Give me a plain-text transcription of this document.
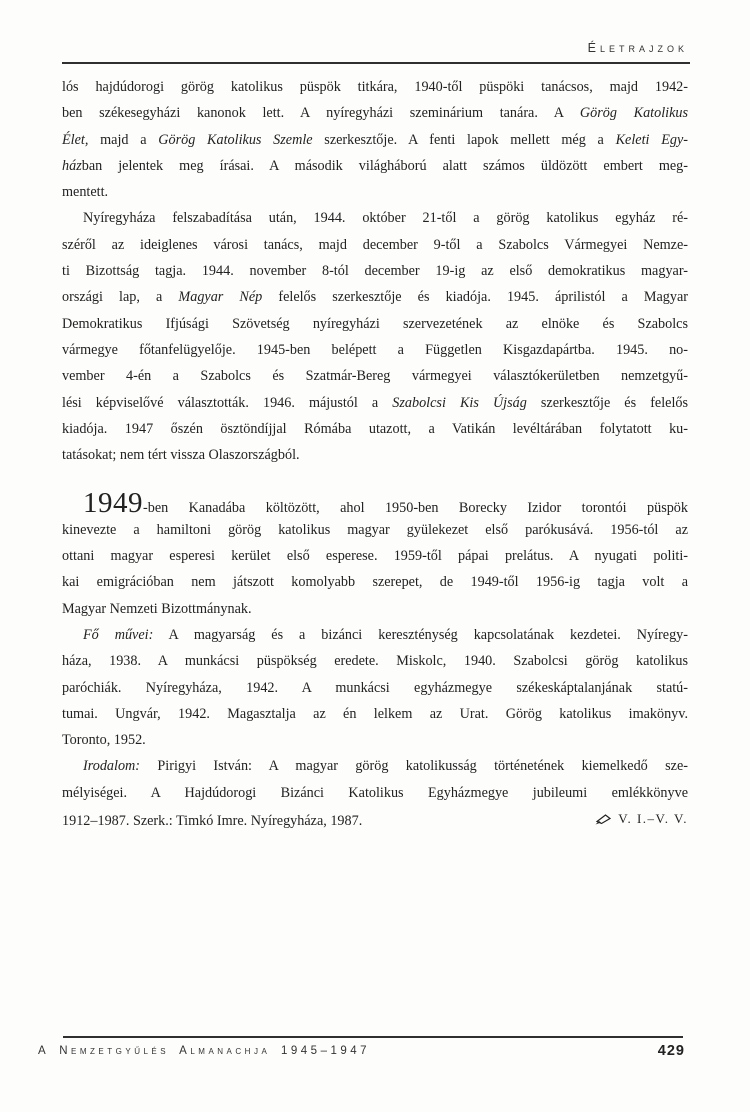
Életrajzok
lós hajdúdorogi görög katolikus püspök titkára, 1940-től püspöki tanácsos, majd 1942-
ben székesegyházi kanonok lett. A nyíregyházi szeminárium tanára. A Görög Katolikus
Élet, majd a Görög Katolikus Szemle szerkesztője. A fenti lapok mellett még a Keleti Egy-
házban jelentek meg írásai. A második világháború alatt számos üldözött embert meg-
mentett.
Nyíregyháza felszabadítása után, 1944. október 21-től a görög katolikus egyház ré-
széről az ideiglenes városi tanács, majd december 9-től a Szabolcs Vármegyei Nemze-
ti Bizottság tagja. 1944. november 8-tól december 19-ig az első demokratikus magyar-
országi lap, a Magyar Nép felelős szerkesztője és kiadója. 1945. áprilistól a Magyar
Demokratikus Ifjúsági Szövetség nyíregyházi szervezetének az elnöke és Szabolcs
vármegye főtanfelügyelője. 1945-ben belépett a Független Kisgazdapártba. 1945. no-
vember 4-én a Szabolcs és Szatmár-Bereg vármegyei választókerületben nemzetgyű-
lési képviselővé választották. 1946. májustól a Szabolcsi Kis Újság szerkesztője és felelős
kiadója. 1947 őszén ösztöndíjjal Rómába utazott, a Vatikán levéltárában folytatott ku-
tatásokat; nem tért vissza Olaszországból.
1949-ben Kanadába költözött, ahol 1950-ben Borecky Izidor torontói püspök
kinevezte a hamiltoni görög katolikus magyar gyülekezet első parókusává. 1956-tól az
ottani magyar esperesi kerület első esperese. 1959-től pápai prelátus. A nyugati politi-
kai emigrációban nem játszott komolyabb szerepet, de 1949-től 1956-ig tagja volt a
Magyar Nemzeti Bizottmánynak.
Fő művei: A magyarság és a bizánci kereszténység kapcsolatának kezdetei. Nyíregy-
háza, 1938. A munkácsi püspökség eredete. Miskolc, 1940. Szabolcsi görög katolikus
paróchiák. Nyíregyháza, 1942. A munkácsi egyházmegye székeskáptalanjának statú-
tumai. Ungvár, 1942. Magasztalja az én lelkem az Urat. Görög katolikus imakönyv.
Toronto, 1952.
Irodalom: Pirigyi István: A magyar görög katolikusság történetének kiemelkedő sze-
mélyiségei. A Hajdúdorogi Bizánci Katolikus Egyházmegye jubileumi emlékkönyve
1912–1987. Szerk.: Timkó Imre. Nyíregyháza, 1987.	V. I.–V. V.
A Nemzetgyűlés Almanachja 1945–1947	429
